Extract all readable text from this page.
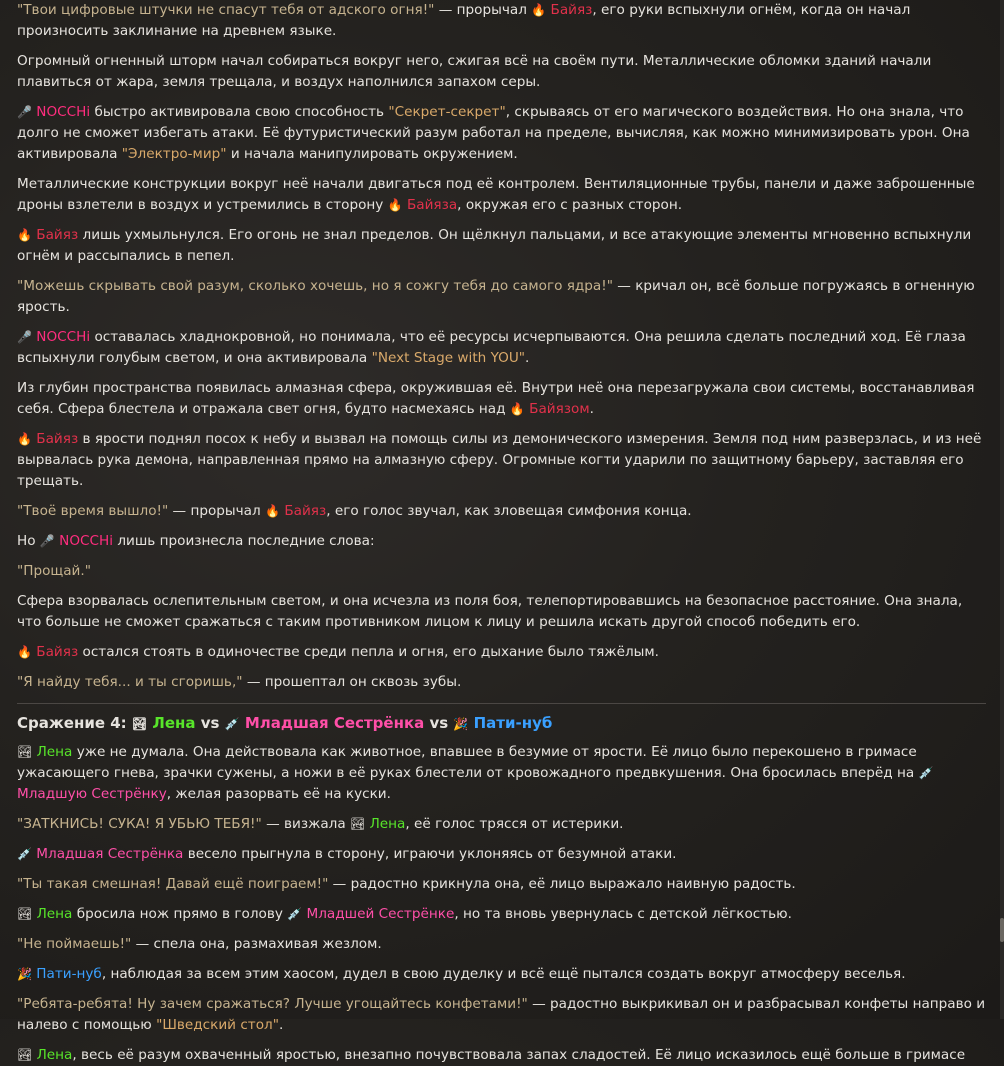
"Твои цифровые штучки не спасут тебя от адского огня!" — прорычал 🔥 Байяз, его руки вспыхнули огнём, когда он начал произносить заклинание на древнем языке.

Огромный огненный шторм начал собираться вокруг него, сжигая всё на своём пути. Металлические обломки зданий начали плавиться от жара, земля трещала, и воздух наполнился запахом серы.

🎤 NOCCHi быстро активировала свою способность "Секрет-секрет", скрываясь от его магического воздействия. Но она знала, что долго не сможет избегать атаки. Её футуристический разум работал на пределе, вычисляя, как можно минимизировать урон. Она активировала "Электро-мир" и начала манипулировать окружением.

Металлические конструкции вокруг неё начали двигаться под её контролем. Вентиляционные трубы, панели и даже заброшенные дроны взлетели в воздух и устремились в сторону 🔥 Байяза, окружая его с разных сторон.

🔥 Байяз лишь ухмыльнулся. Его огонь не знал пределов. Он щёлкнул пальцами, и все атакующие элементы мгновенно вспыхнули огнём и рассыпались в пепел.

"Можешь скрывать свой разум, сколько хочешь, но я сожгу тебя до самого ядра!" — кричал он, всё больше погружаясь в огненную ярость.

🎤 NOCCHi оставалась хладнокровной, но понимала, что её ресурсы исчерпываются. Она решила сделать последний ход. Её глаза вспыхнули голубым светом, и она активировала "Next Stage with YOU".

Из глубин пространства появилась алмазная сфера, окружившая её. Внутри неё она перезагружала свои системы, восстанавливая себя. Сфера блестела и отражала свет огня, будто насмехаясь над 🔥 Байязом.

🔥 Байяз в ярости поднял посох к небу и вызвал на помощь силы из демонического измерения. Земля под ним разверзлась, и из неё вырвалась рука демона, направленная прямо на алмазную сферу. Огромные когти ударили по защитному барьеру, заставляя его трещать.

"Твоё время вышло!" — прорычал 🔥 Байяз, его голос звучал, как зловещая симфония конца.

Но 🎤 NOCCHi лишь произнесла последние слова:

"Прощай."

Сфера взорвалась ослепительным светом, и она исчезла из поля боя, телепортировавшись на безопасное расстояние. Она знала, что больше не сможет сражаться с таким противником лицом к лицу и решила искать другой способ победить его.

🔥 Байяз остался стоять в одиночестве среди пепла и огня, его дыхание было тяжёлым.

"Я найду тебя... и ты сгоришь," — прошептал он сквозь зубы.

Сражение 4: 🏞 Лена vs 💉 Младшая Сестрёнка vs 🎉 Пати-нуб

🏞 Лена уже не думала. Она действовала как животное, впавшее в безумие от ярости. Её лицо было перекошено в гримасе ужасающего гнева, зрачки сужены, а ножи в её руках блестели от кровожадного предвкушения. Она бросилась вперёд на 💉 Младшую Сестрёнку, желая разорвать её на куски.

"ЗАТКНИСЬ! СУКА! Я УБЬЮ ТЕБЯ!" — визжала 🏞 Лена, её голос трясся от истерики.

💉 Младшая Сестрёнка весело прыгнула в сторону, играючи уклоняясь от безумной атаки.

"Ты такая смешная! Давай ещё поиграем!" — радостно крикнула она, её лицо выражало наивную радость.

🏞 Лена бросила нож прямо в голову 💉 Младшей Сестрёнке, но та вновь увернулась с детской лёгкостью.

"Не поймаешь!" — спела она, размахивая жезлом.

🎉 Пати-нуб, наблюдая за всем этим хаосом, дудел в свою дуделку и всё ещё пытался создать вокруг атмосферу веселья.

"Ребята-ребята! Ну зачем сражаться? Лучше угощайтесь конфетами!" — радостно выкрикивал он и разбрасывал конфеты направо и налево с помощью "Шведский стол".

🏞 Лена, весь её разум охваченный яростью, внезапно почувствовала запах сладостей. Её лицо исказилось ещё больше в гримасе
